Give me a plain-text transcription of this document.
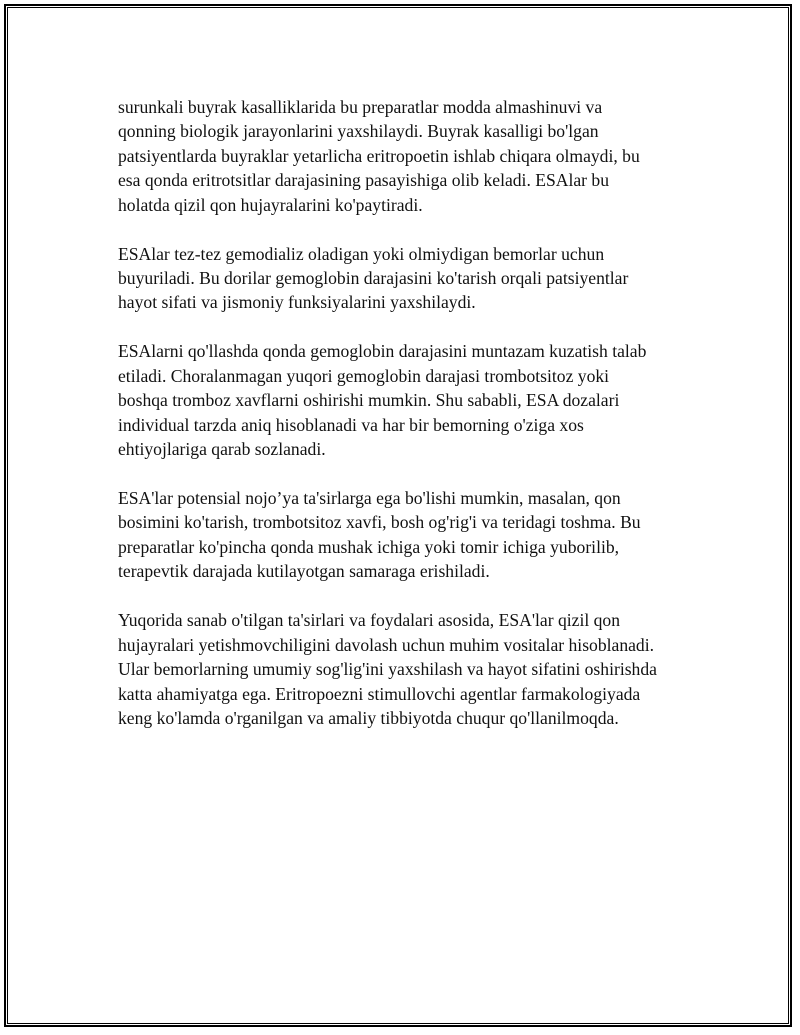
surunkali buyrak kasalliklarida bu preparatlar modda almashinuvi va
qonning biologik jarayonlarini yaxshilaydi. Buyrak kasalligi bo'lgan
patsiyentlarda buyraklar yetarlicha eritropoetin ishlab chiqara olmaydi, bu
esa qonda eritrotsitlar darajasining pasayishiga olib keladi. ESAlar bu
holatda qizil qon hujayralarini ko'paytiradi.

ESAlar tez-tez gemodializ oladigan yoki olmiydigan bemorlar uchun
buyuriladi. Bu dorilar gemoglobin darajasini ko'tarish orqali patsiyentlar
hayot sifati va jismoniy funksiyalarini yaxshilaydi.

ESAlarni qo'llashda qonda gemoglobin darajasini muntazam kuzatish talab
etiladi. Choralanmagan yuqori gemoglobin darajasi trombotsitoz yoki
boshqa tromboz xavflarni oshirishi mumkin. Shu sababli, ESA dozalari
individual tarzda aniq hisoblanadi va har bir bemorning o'ziga xos
ehtiyojlariga qarab sozlanadi.

ESA'lar potensial nojo’ya ta'sirlarga ega bo'lishi mumkin, masalan, qon
bosimini ko'tarish, trombotsitoz xavfi, bosh og'rig'i va teridagi toshma. Bu
preparatlar ko'pincha qonda mushak ichiga yoki tomir ichiga yuborilib,
terapevtik darajada kutilayotgan samaraga erishiladi.

Yuqorida sanab o'tilgan ta'sirlari va foydalari asosida, ESA'lar qizil qon
hujayralari yetishmovchiligini davolash uchun muhim vositalar hisoblanadi.
Ular bemorlarning umumiy sog'lig'ini yaxshilash va hayot sifatini oshirishda
katta ahamiyatga ega. Eritropoezni stimullovchi agentlar farmakologiyada
keng ko'lamda o'rganilgan va amaliy tibbiyotda chuqur qo'llanilmoqda.
